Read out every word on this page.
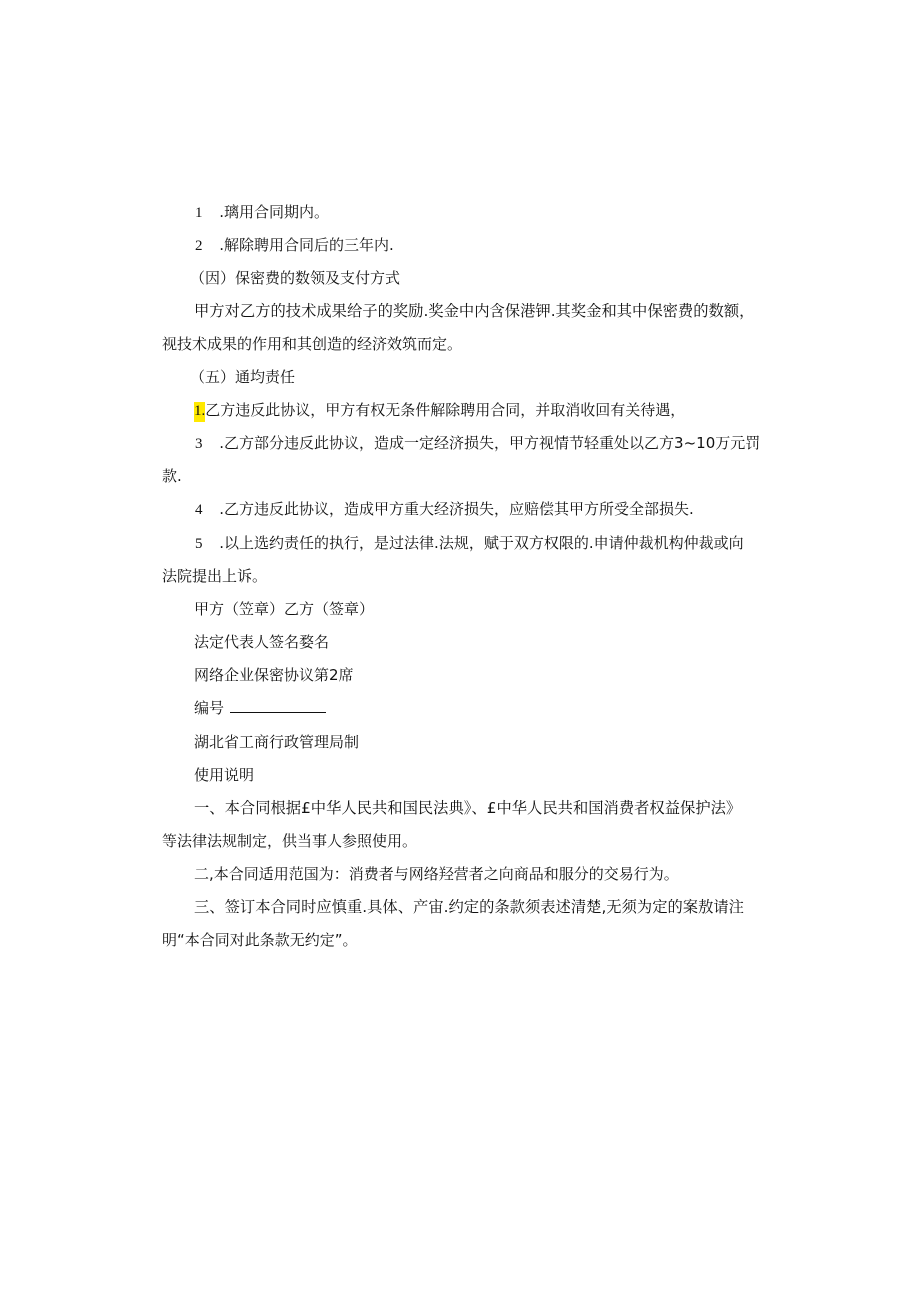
1 .璃用合同期内。
2 .解除聘用合同后的三年内.
（因）保密费的数领及支付方式
甲方对乙方的技术成果给子的奖励.奖金中内含保港钾.其奖金和其中保密费的数额，
视技术成果的作用和其创造的经济效筑而定。
（五）通均责任
1.乙方违反此协议，甲方有权无条件解除聘用合同，并取消收回有关待遇，
3 .乙方部分违反此协议，造成一定经济损失，甲方视情节轻重处以乙方3~10万元罚
款.
4 .乙方违反此协议，造成甲方重大经济损失，应赔偿其甲方所受全部损失.
5 .以上选约责任的执行，是过法律.法规，赋于双方权限的.申请仲裁机构仲裁或向
法院提出上诉。
甲方（笠章）乙方（签章）
法定代表人签名婺名
网络企业保密协议第2席
编号
湖北省工商行政管理局制
使用说明
一、本合同根据£中华人民共和国民法典》、£中华人民共和国消费者权益保护法》
等法律法规制定，供当事人参照使用。
二,本合同适用范国为：消费者与网络羟营者之向商品和服分的交易行为。
三、签订本合同时应慎重.具体、产宙.约定的条款须表述清楚,无须为定的案敖请注
明“本合同对此条款无约定”。
